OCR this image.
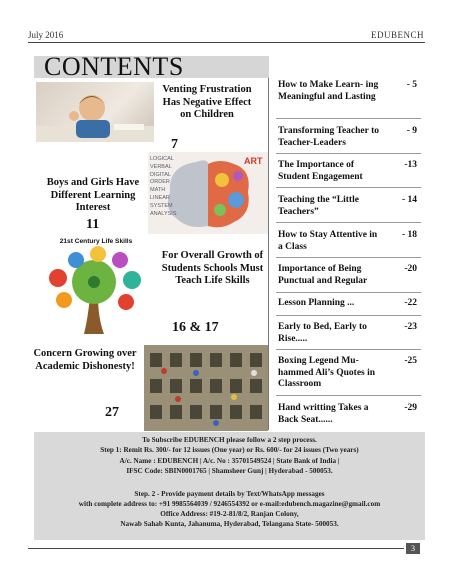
July 2016	EDUBENCH
CONTENTS
Venting Frustration Has Negative Effect on Children
7
LOGICAL
VERBAL
DIGITAL
ORDER
MATH
LINEAR
SYSTEM
ANALYSIS
ART
Boys and Girls Have Different Learning Interest
11
21st Century Life Skills
For Overall Growth of Students Schools Must Teach Life Skills
16 & 17
Concern Growing over Academic Dishonesty!
27
How to Make Learn- ing Meaningful and Lasting
- 5
Transforming Teacher to Teacher-Leaders
- 9
The Importance of Student Engagement
-13
Teaching the “Little Teachers”
- 14
How to Stay Attentive in a Class
- 18
Importance of Being Punctual and Regular
-20
Lesson Planning ...	-22
Early to Bed, Early to Rise.....
-23
Boxing Legend Mu- hammed Ali’s Quotes in Classroom
-25
Hand writting Takes a Back Seat......
-29
To Subscribe EDUBENCH please follow a 2 step process.
Step 1: Remit Rs. 300/- for 12 issues (One year) or Rs. 600/- for 24 issues (Two years)
A/c. Name : EDUBENCH | A/c. No : 35701549524 | State Bank of India |
IFSC Code: SBIN0001765 | Shamsheer Gunj | Hyderabad - 500053.
Step. 2 - Provide payment details by Text/WhatsApp messages
with complete address to: +91 9985564039 / 9246554392 or e-mail:edubench.magazine@gmail.com
Office Address: #19-2-81/8/2, Ranjan Colony,
Nawab Sahab Kunta, Jahanuma, Hyderabad, Telangana State- 500053.
3
